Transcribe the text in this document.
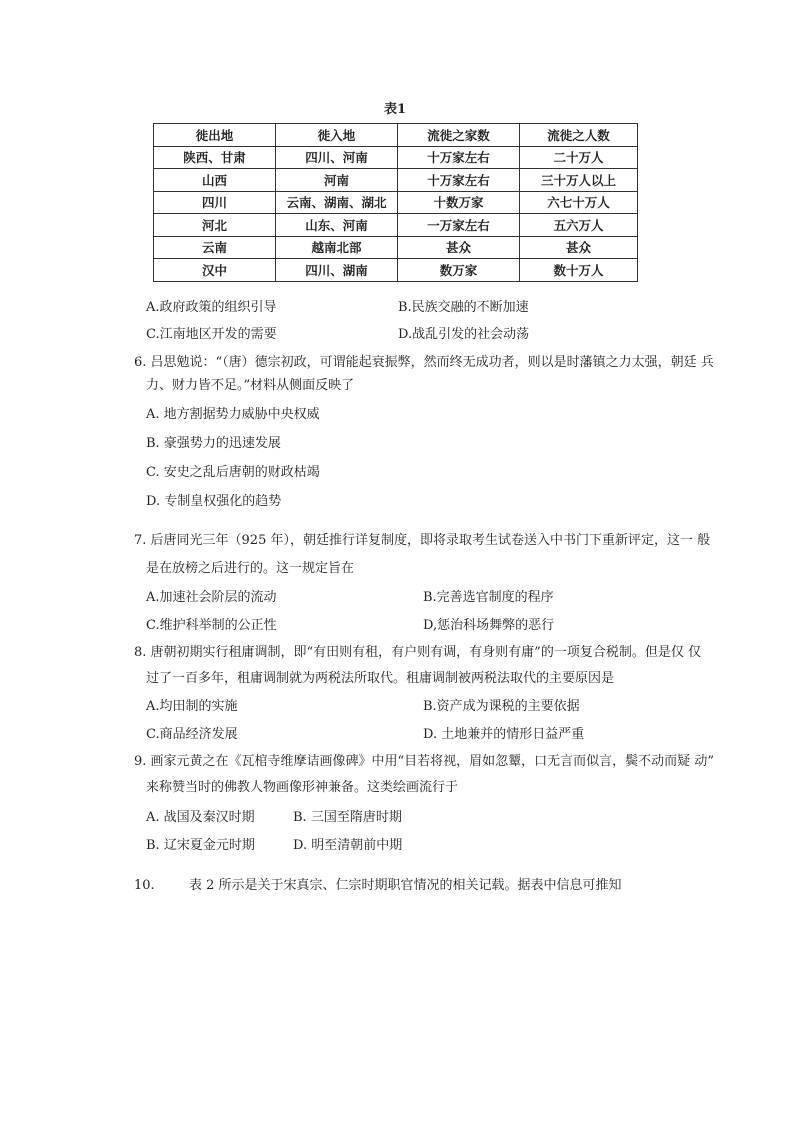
表1
徙出地	徙入地	流徙之家数	流徙之人数
陕西、甘肃	四川、河南	十万家左右	二十万人
山西	河南	十万家左右	三十万人以上
四川	云南、湖南、湖北	十数万家	六七十万人
河北	山东、河南	一万家左右	五六万人
云南	越南北部	甚众	甚众
汉中	四川、湖南	数万家	数十万人
A.政府政策的组织引导	B.民族交融的不断加速
C.江南地区开发的需要	D.战乱引发的社会动荡
6. 吕思勉说：“（唐）德宗初政，可谓能起衰振弊，然而终无成功者，则以是时藩镇之力太强，朝廷 兵
力、财力皆不足。”材料从侧面反映了
A. 地方割据势力威胁中央权威
B. 豪强势力的迅速发展
C. 安史之乱后唐朝的财政枯竭
D. 专制皇权强化的趋势
7. 后唐同光三年（925 年），朝廷推行详复制度，即将录取考生试卷送入中书门下重新评定，这一 般
是在放榜之后进行的。这一规定旨在
A.加速社会阶层的流动	B.完善选官制度的程序
C.维护科举制的公正性	D,惩治科场舞弊的恶行
8. 唐朝初期实行租庸调制，即“有田则有租，有户则有调，有身则有庸”的一项复合税制。但是仅 仅
过了一百多年，租庸调制就为两税法所取代。租庸调制被两税法取代的主要原因是
A.均田制的实施	B.资产成为课税的主要依据
C.商品经济发展	D. 土地兼并的情形日益严重
9. 画家元黄之在《瓦棺寺维摩诘画像碑》中用“目若将视，眉如忽颦，口无言而似言，鬓不动而疑 动”
来称赞当时的佛教人物画像形神兼备。这类绘画流行于
A. 战国及秦汉时期	B. 三国至隋唐时期
B. 辽宋夏金元时期	D. 明至清朝前中期
10.	表 2 所示是关于宋真宗、仁宗时期职官情况的相关记载。据表中信息可推知
